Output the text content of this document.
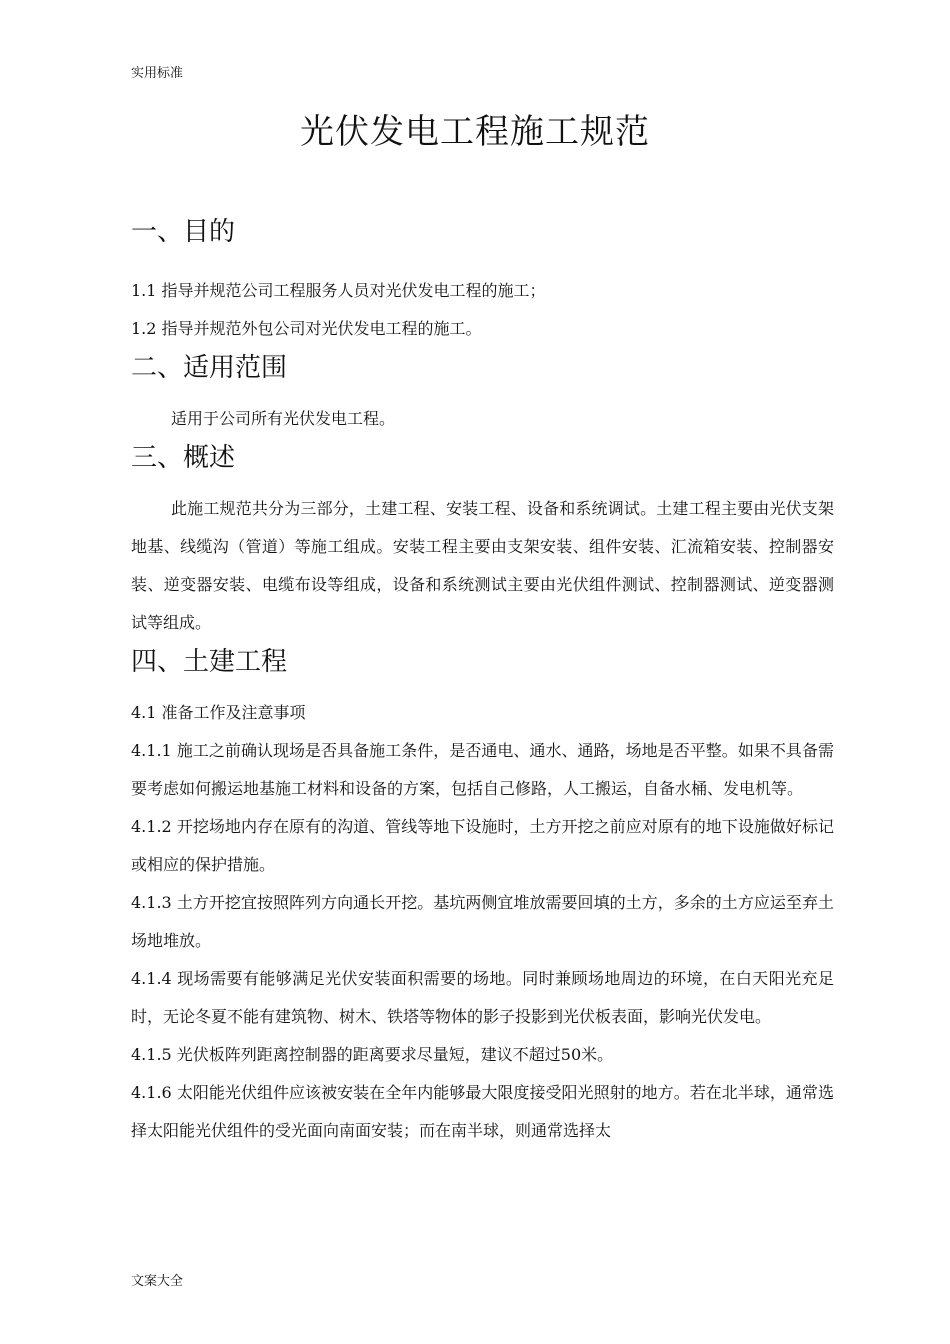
实用标准
光伏发电工程施工规范
一、目的

1.1 指导并规范公司工程服务人员对光伏发电工程的施工；

1.2 指导并规范外包公司对光伏发电工程的施工。

二、适用范围

适用于公司所有光伏发电工程。

三、概述

此施工规范共分为三部分，土建工程、安装工程、设备和系统调试。土建工程主要由光伏支架地基、线缆沟（管道）等施工组成。安装工程主要由支架安装、组件安装、汇流箱安装、控制器安装、逆变器安装、电缆布设等组成，设备和系统测试主要由光伏组件测试、控制器测试、逆变器测试等组成。

四、土建工程

4.1 准备工作及注意事项

4.1.1 施工之前确认现场是否具备施工条件，是否通电、通水、通路，场地是否平整。如果不具备需要考虑如何搬运地基施工材料和设备的方案，包括自己修路，人工搬运，自备水桶、发电机等。

4.1.2 开挖场地内存在原有的沟道、管线等地下设施时，土方开挖之前应对原有的地下设施做好标记或相应的保护措施。

4.1.3 土方开挖宜按照阵列方向通长开挖。基坑两侧宜堆放需要回填的土方，多余的土方应运至弃土场地堆放。

4.1.4 现场需要有能够满足光伏安装面积需要的场地。同时兼顾场地周边的环境，在白天阳光充足时，无论冬夏不能有建筑物、树木、铁塔等物体的影子投影到光伏板表面，影响光伏发电。

4.1.5 光伏板阵列距离控制器的距离要求尽量短，建议不超过50米。

4.1.6 太阳能光伏组件应该被安装在全年内能够最大限度接受阳光照射的地方。若在北半球，通常选择太阳能光伏组件的受光面向南面安装；而在南半球，则通常选择太

文案大全
